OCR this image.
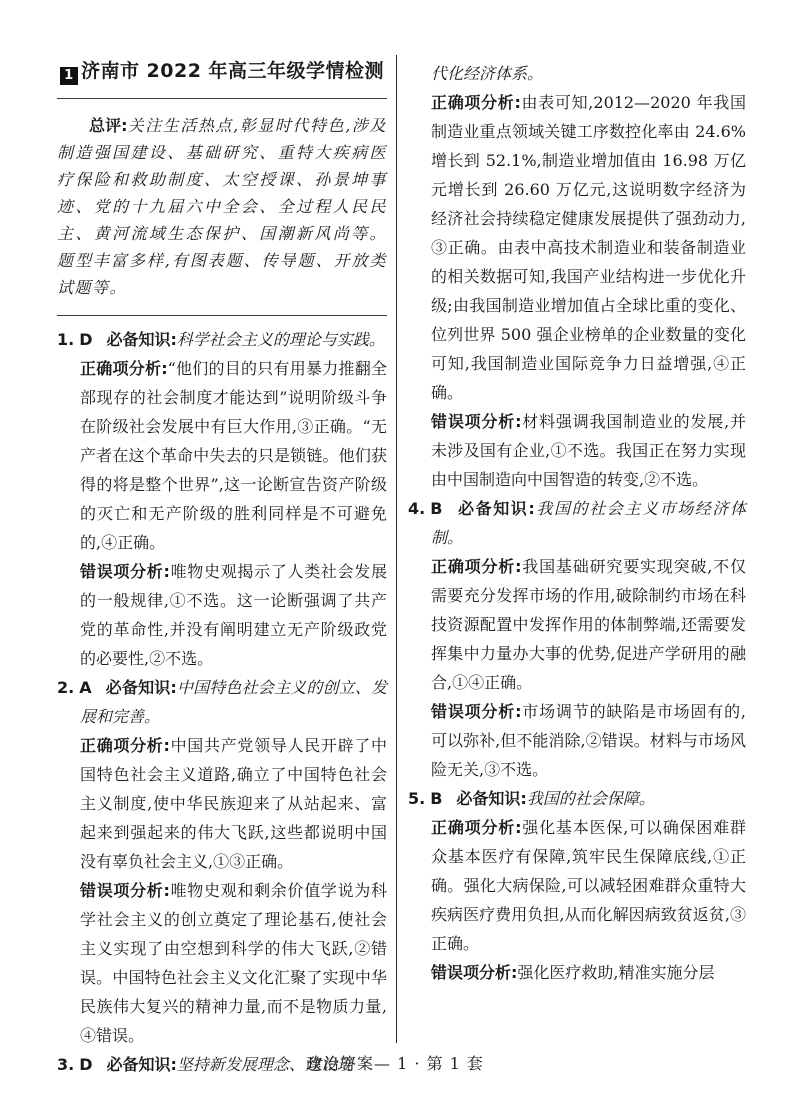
1 济南市 2022 年高三年级学情检测

总评:关注生活热点,彰显时代特色,涉及制造强国建设、基础研究、重特大疾病医疗保险和救助制度、太空授课、孙景坤事迹、党的十九届六中全会、全过程人民民主、黄河流域生态保护、国潮新风尚等。题型丰富多样,有图表题、传导题、开放类试题等。

1. D 必备知识:科学社会主义的理论与实践。

正确项分析:“他们的目的只有用暴力推翻全部现存的社会制度才能达到”说明阶级斗争在阶级社会发展中有巨大作用,③正确。“无产者在这个革命中失去的只是锁链。他们获得的将是整个世界”,这一论断宣告资产阶级的灭亡和无产阶级的胜利同样是不可避免的,④正确。

错误项分析:唯物史观揭示了人类社会发展的一般规律,①不选。这一论断强调了共产党的革命性,并没有阐明建立无产阶级政党的必要性,②不选。

2. A 必备知识:中国特色社会主义的创立、发展和完善。

正确项分析:中国共产党领导人民开辟了中国特色社会主义道路,确立了中国特色社会主义制度,使中华民族迎来了从站起来、富起来到强起来的伟大飞跃,这些都说明中国没有辜负社会主义,①③正确。

错误项分析:唯物史观和剩余价值学说为科学社会主义的创立奠定了理论基石,使社会主义实现了由空想到科学的伟大飞跃,②错误。中国特色社会主义文化汇聚了实现中华民族伟大复兴的精神力量,而不是物质力量,④错误。

3. D 必备知识:坚持新发展理念、建设现

代化经济体系。

正确项分析:由表可知,2012—2020 年我国制造业重点领域关键工序数控化率由 24.6%增长到 52.1%,制造业增加值由 16.98 万亿元增长到 26.60 万亿元,这说明数字经济为经济社会持续稳定健康发展提供了强劲动力,③正确。由表中高技术制造业和装备制造业的相关数据可知,我国产业结构进一步优化升级;由我国制造业增加值占全球比重的变化、位列世界 500 强企业榜单的企业数量的变化可知,我国制造业国际竞争力日益增强,④正确。

错误项分析:材料强调我国制造业的发展,并未涉及国有企业,①不选。我国正在努力实现由中国制造向中国智造的转变,②不选。

4. B 必备知识:我国的社会主义市场经济体制。

正确项分析:我国基础研究要实现突破,不仅需要充分发挥市场的作用,破除制约市场在科技资源配置中发挥作用的体制弊端,还需要发挥集中力量办大事的优势,促进产学研用的融合,①④正确。

错误项分析:市场调节的缺陷是市场固有的,可以弥补,但不能消除,②错误。材料与市场风险无关,③不选。

5. B 必备知识:我国的社会保障。

正确项分析:强化基本医保,可以确保困难群众基本医疗有保障,筑牢民生保障底线,①正确。强化大病保险,可以减轻困难群众重特大疾病医疗费用负担,从而化解因病致贫返贫,③正确。

错误项分析:强化医疗救助,精准实施分层

政治答案— 1 · 第 1 套
